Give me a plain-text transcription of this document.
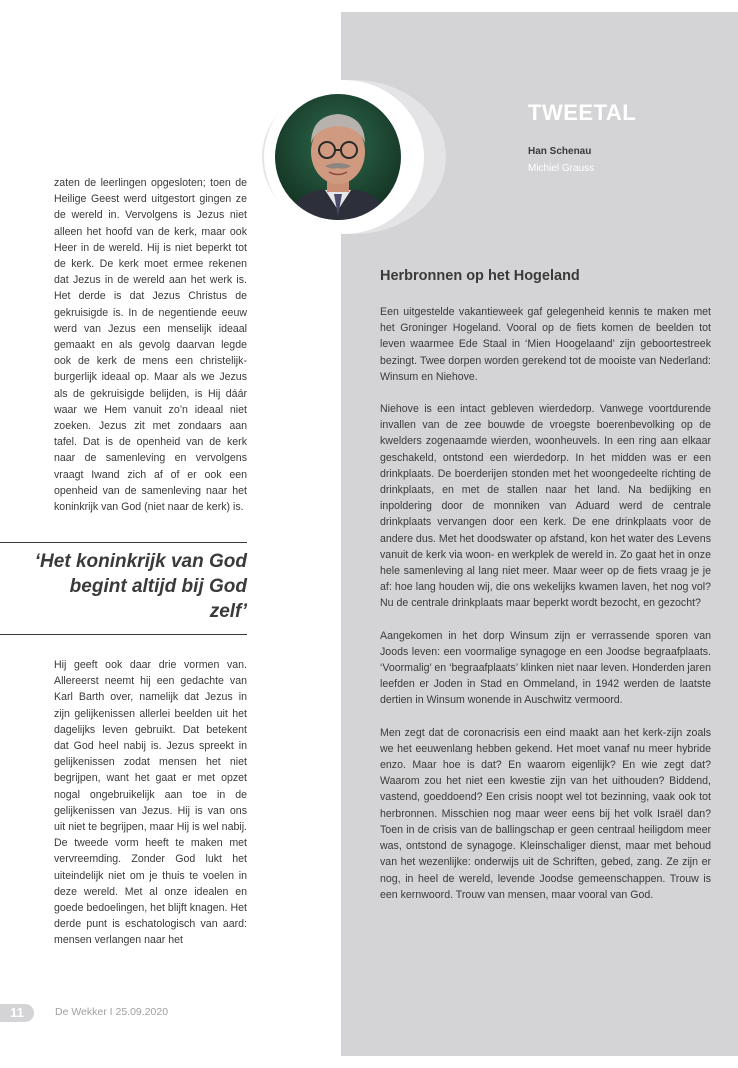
TWEETAL
Han Schenau
Michiel Grauss

zaten de leerlingen opgesloten; toen de Heilige Geest werd uitgestort gingen ze de wereld in. Vervolgens is Jezus niet alleen het hoofd van de kerk, maar ook Heer in de wereld. Hij is niet beperkt tot de kerk. De kerk moet ermee rekenen dat Jezus in de wereld aan het werk is. Het derde is dat Jezus Christus de gekruisigde is. In de negentiende eeuw werd van Jezus een menselijk ideaal gemaakt en als gevolg daarvan legde ook de kerk de mens een christelijk-burgerlijk ideaal op. Maar als we Jezus als de gekruisigde belijden, is Hij dáár waar we Hem vanuit zo’n ideaal niet zoeken. Jezus zit met zondaars aan tafel. Dat is de openheid van de kerk naar de samenleving en vervolgens vraagt Iwand zich af of er ook een openheid van de samenleving naar het koninkrijk van God (niet naar de kerk) is.

‘Het koninkrijk van God begint altijd bij God zelf’

Hij geeft ook daar drie vormen van. Allereerst neemt hij een gedachte van Karl Barth over, namelijk dat Jezus in zijn gelijkenissen allerlei beelden uit het dagelijks leven gebruikt. Dat betekent dat God heel nabij is. Jezus spreekt in gelijkenissen zodat mensen het niet begrijpen, want het gaat er met opzet nogal ongebruikelijk aan toe in de gelijkenissen van Jezus. Hij is van ons uit niet te begrijpen, maar Hij is wel nabij. De tweede vorm heeft te maken met vervreemding. Zonder God lukt het uiteindelijk niet om je thuis te voelen in deze wereld. Met al onze idealen en goede bedoelingen, het blijft knagen. Het derde punt is eschatologisch van aard: mensen verlangen naar het

Herbronnen op het Hogeland

Een uitgestelde vakantieweek gaf gelegenheid kennis te maken met het Groninger Hogeland. Vooral op de fiets komen de beelden tot leven waarmee Ede Staal in ‘Mien Hoogelaand’ zijn geboortestreek bezingt. Twee dorpen worden gerekend tot de mooiste van Nederland: Winsum en Niehove.

Niehove is een intact gebleven wierdedorp. Vanwege voortdurende invallen van de zee bouwde de vroegste boerenbevolking op de kwelders zogenaamde wierden, woonheuvels. In een ring aan elkaar geschakeld, ontstond een wierdedorp. In het midden was er een drinkplaats. De boerderijen stonden met het woongedeelte richting de drinkplaats, en met de stallen naar het land. Na bedijking en inpoldering door de monniken van Aduard werd de centrale drinkplaats vervangen door een kerk. De ene drinkplaats voor de andere dus. Met het doodswater op afstand, kon het water des Levens vanuit de kerk via woon- en werkplek de wereld in. Zo gaat het in onze hele samenleving al lang niet meer. Maar weer op de fiets vraag je je af: hoe lang houden wij, die ons wekelijks kwamen laven, het nog vol? Nu de centrale drinkplaats maar beperkt wordt bezocht, en gezocht?

Aangekomen in het dorp Winsum zijn er verrassende sporen van Joods leven: een voormalige synagoge en een Joodse begraafplaats. ‘Voormalig’ en ‘begraafplaats’ klinken niet naar leven. Honderden jaren leefden er Joden in Stad en Ommeland, in 1942 werden de laatste dertien in Winsum wonende in Auschwitz vermoord.

Men zegt dat de coronacrisis een eind maakt aan het kerk-zijn zoals we het eeuwenlang hebben gekend. Het moet vanaf nu meer hybride enzo. Maar hoe is dat? En waarom eigenlijk? En wie zegt dat? Waarom zou het niet een kwestie zijn van het uithouden? Biddend, vastend, goeddoend? Een crisis noopt wel tot bezinning, vaak ook tot herbronnen. Misschien nog maar weer eens bij het volk Israël dan? Toen in de crisis van de ballingschap er geen centraal heiligdom meer was, ontstond de synagoge. Kleinschaliger dienst, maar met behoud van het wezenlijke: onderwijs uit de Schriften, gebed, zang. Ze zijn er nog, in heel de wereld, levende Joodse gemeenschappen. Trouw is een kernwoord. Trouw van mensen, maar vooral van God.

11	De Wekker I 25.09.2020
